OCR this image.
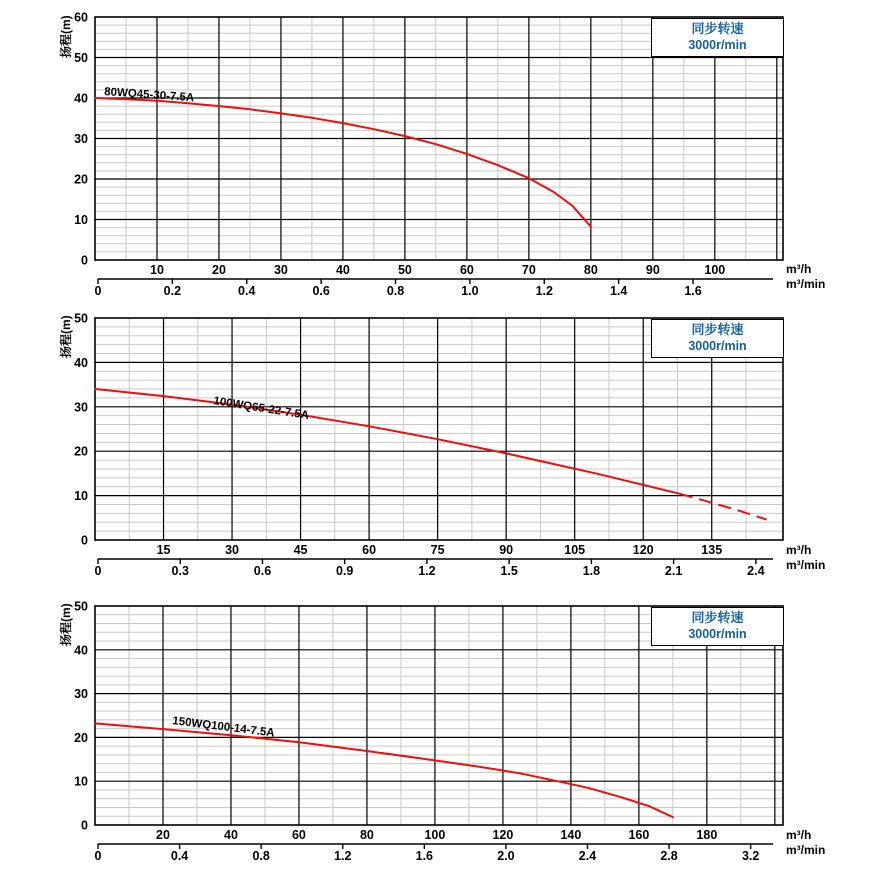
0
10
20
30
40
50
60
10	20	30	40	50	60	70	80	90	100
0	0.2	0.4	0.6	0.8	1.0	1.2	1.4	1.6
80WQ45-30-7.5A
0
10
20
30
40
50
15	30	45	60	75	90	105	120	135
0	0.3	0.6	0.9	1.2	1.5	1.8	2.1	2.4
100WQ65-22-7.5A
0
10
20
30
40
50
20	40	60	80	100	120	140	160	180
0	0.4	0.8	1.2	1.6	2.0	2.4	2.8	3.2
150WQ100-14-7.5A
扬程(m)	同步转速
3000r/min
m³/h
m³/min
扬程(m)	同步转速
3000r/min
m³/h
m³/min
扬程(m)	同步转速
3000r/min
m³/h
m³/min
